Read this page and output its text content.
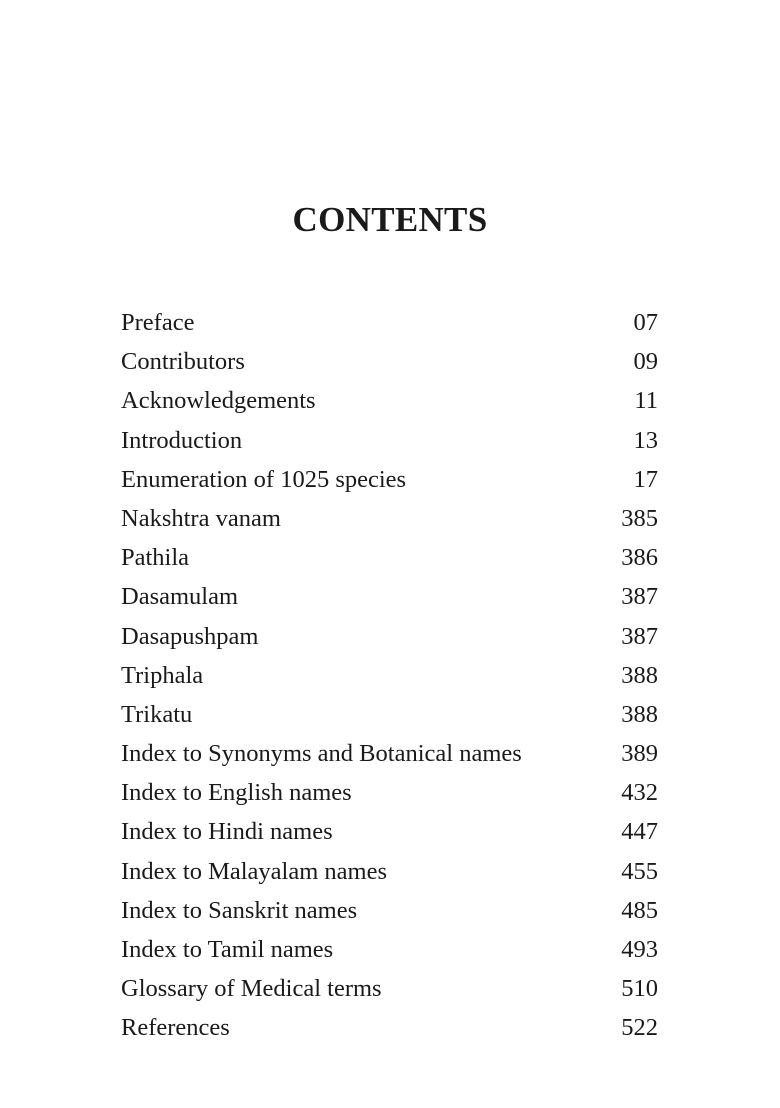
CONTENTS
Preface	07
Contributors	09
Acknowledgements	11
Introduction	13
Enumeration of 1025 species	17
Nakshtra vanam	385
Pathila	386
Dasamulam	387
Dasapushpam	387
Triphala	388
Trikatu	388
Index to Synonyms and Botanical names	389
Index to English names	432
Index to Hindi names	447
Index to Malayalam names	455
Index to Sanskrit names	485
Index to Tamil names	493
Glossary of Medical terms	510
References	522
